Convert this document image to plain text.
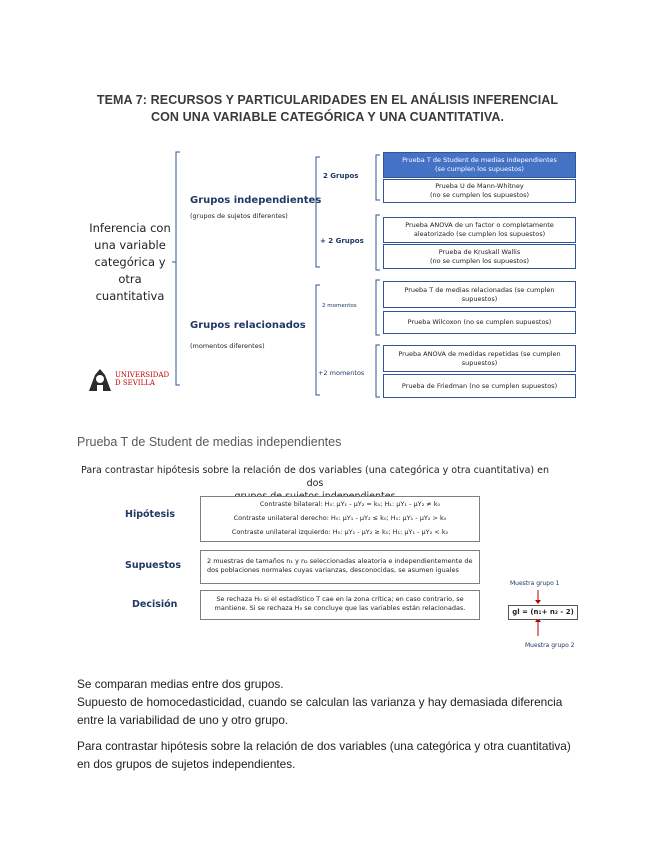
TEMA 7: RECURSOS Y PARTICULARIDADES EN EL ANÁLISIS INFERENCIAL
CON UNA VARIABLE CATEGÓRICA Y UNA CUANTITATIVA.
Inferencia con
una variable
categórica y otra
cuantitativa
Grupos independientes
(grupos de sujetos diferentes)
2 Grupos
+ 2 Grupos
Prueba T de Student de medias independientes
(se cumplen los supuestos)
Prueba U de Mann-Whitney
(no se cumplen los supuestos)
Prueba ANOVA de un factor o completamente
aleatorizado (se cumplen los supuestos)
Prueba de Kruskall Wallis
(no se cumplen los supuestos)
Grupos relacionados
(momentos diferentes)
2 momentos
+2 momentos
Prueba T de medias relacionadas (se cumplen
supuestos)
Prueba Wilcoxon (no se cumplen supuestos)
Prueba ANOVA de medidas repetidas (se cumplen
supuestos)
Prueba de Friedman (no se cumplen supuestos)
UNIVERSIDAD
D SEVILLA
Prueba T de Student de medias independientes
Para contrastar hipótesis sobre la relación de dos variables (una categórica y otra cuantitativa) en dos
Hipótesis
Contraste bilateral: H₀: μY₁ - μY₂ = k₀; H₁: μY₁ - μY₂ ≠ k₀
Contraste unilateral derecho: H₀: μY₁ - μY₂ ≤ k₀; H₁: μY₁ - μY₂ > k₀
Contraste unilateral izquierdo: H₀: μY₁ - μY₂ ≥ k₀; H₁: μY₁ - μY₂ < k₀
Supuestos	2 muestras de tamaños n₁ y n₂ seleccionadas aleatoria e independientemente de
dos poblaciones normales cuyas varianzas, desconocidas, se asumen iguales
Decisión	Se rechaza H₀ si el estadístico T cae en la zona crítica; en caso contrario, se
mantiene. Si se rechaza H₀ se concluye que las variables están relacionadas.
Muestra grupo 1
gl = (n₁+ n₂ - 2)
Muestra grupo 2
Se comparan medias entre dos grupos.
Supuesto de homocedasticidad, cuando se calculan las varianza y hay demasiada diferencia
entre la variabilidad de uno y otro grupo.
Para contrastar hipótesis sobre la relación de dos variables (una categórica y otra cuantitativa)
en dos grupos de sujetos independientes.
